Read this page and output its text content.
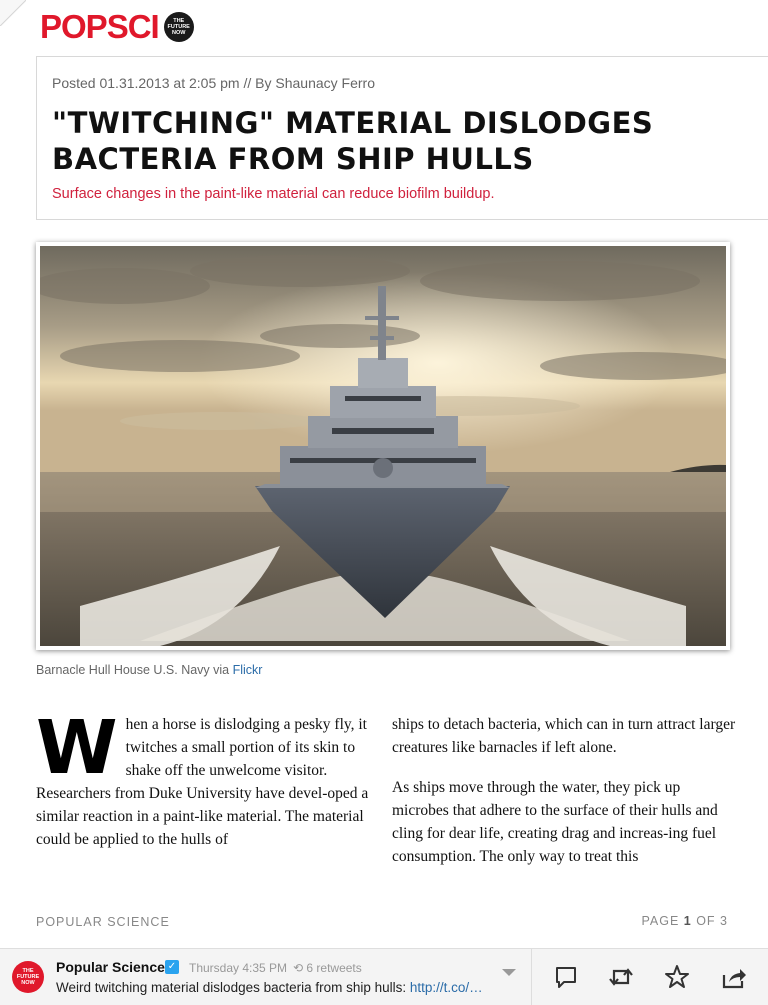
POPSCI	THE
FUTURE
NOW
Posted 01.31.2013 at 2:05 pm // By Shaunacy Ferro
"TWITCHING" MATERIAL DISLODGES BACTERIA FROM SHIP HULLS
Surface changes in the paint-like material can reduce biofilm buildup.
Barnacle Hull House U.S. Navy via Flickr

W hen a horse is dislodging a pesky fly, it twitches a small portion of its skin to shake off the unwelcome visitor. Researchers from Duke University have devel-oped a similar reaction in a paint-like material. The material could be applied to the hulls of

ships to detach bacteria, which can in turn attract larger creatures like barnacles if left alone.

As ships move through the water, they pick up microbes that adhere to the surface of their hulls and cling for dear life, creating drag and increas-ing fuel consumption. The only way to treat this

POPULAR SCIENCE	PAGE 1 OF 3
THE
FUTURE
NOW
Popular Science ✓ Thursday 4:35 PM ⟲ 6 retweets
Weird twitching material dislodges bacteria from ship hulls: http://t.co/…
